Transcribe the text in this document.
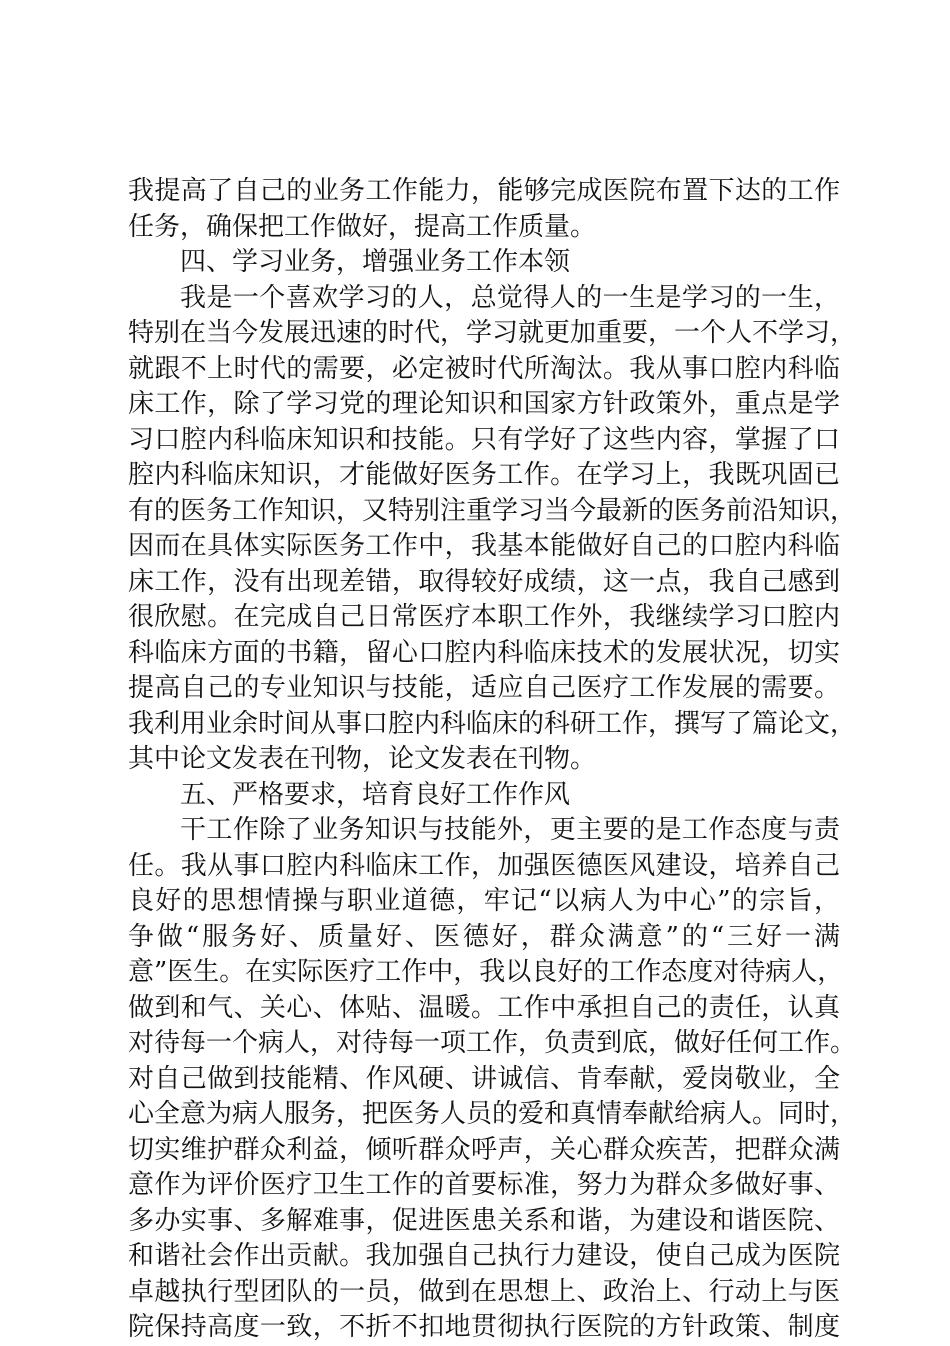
我提高了自己的业务工作能力，能够完成医院布置下达的工作
任务，确保把工作做好，提高工作质量。
四、学习业务，增强业务工作本领
我是一个喜欢学习的人，总觉得人的一生是学习的一生，
特别在当今发展迅速的时代，学习就更加重要，一个人不学习，
就跟不上时代的需要，必定被时代所淘汰。我从事口腔内科临
床工作，除了学习党的理论知识和国家方针政策外，重点是学
习口腔内科临床知识和技能。只有学好了这些内容，掌握了口
腔内科临床知识，才能做好医务工作。在学习上，我既巩固已
有的医务工作知识，又特别注重学习当今最新的医务前沿知识，
因而在具体实际医务工作中，我基本能做好自己的口腔内科临
床工作，没有出现差错，取得较好成绩，这一点，我自己感到
很欣慰。在完成自己日常医疗本职工作外，我继续学习口腔内
科临床方面的书籍，留心口腔内科临床技术的发展状况，切实
提高自己的专业知识与技能，适应自己医疗工作发展的需要。
我利用业余时间从事口腔内科临床的科研工作，撰写了篇论文，
其中论文发表在刊物，论文发表在刊物。
五、严格要求，培育良好工作作风
干工作除了业务知识与技能外，更主要的是工作态度与责
任。我从事口腔内科临床工作，加强医德医风建设，培养自己
良好的思想情操与职业道德，牢记“以病人为中心”的宗旨，
争做“服务好、质量好、医德好，群众满意”的“三好一满
意”医生。在实际医疗工作中，我以良好的工作态度对待病人，
做到和气、关心、体贴、温暖。工作中承担自己的责任，认真
对待每一个病人，对待每一项工作，负责到底，做好任何工作。
对自己做到技能精、作风硬、讲诚信、肯奉献，爱岗敬业，全
心全意为病人服务，把医务人员的爱和真情奉献给病人。同时，
切实维护群众利益，倾听群众呼声，关心群众疾苦，把群众满
意作为评价医疗卫生工作的首要标准，努力为群众多做好事、
多办实事、多解难事，促进医患关系和谐，为建设和谐医院、
和谐社会作出贡献。我加强自己执行力建设，使自己成为医院
卓越执行型团队的一员，做到在思想上、政治上、行动上与医
院保持高度一致，不折不扣地贯彻执行医院的方针政策、制度
